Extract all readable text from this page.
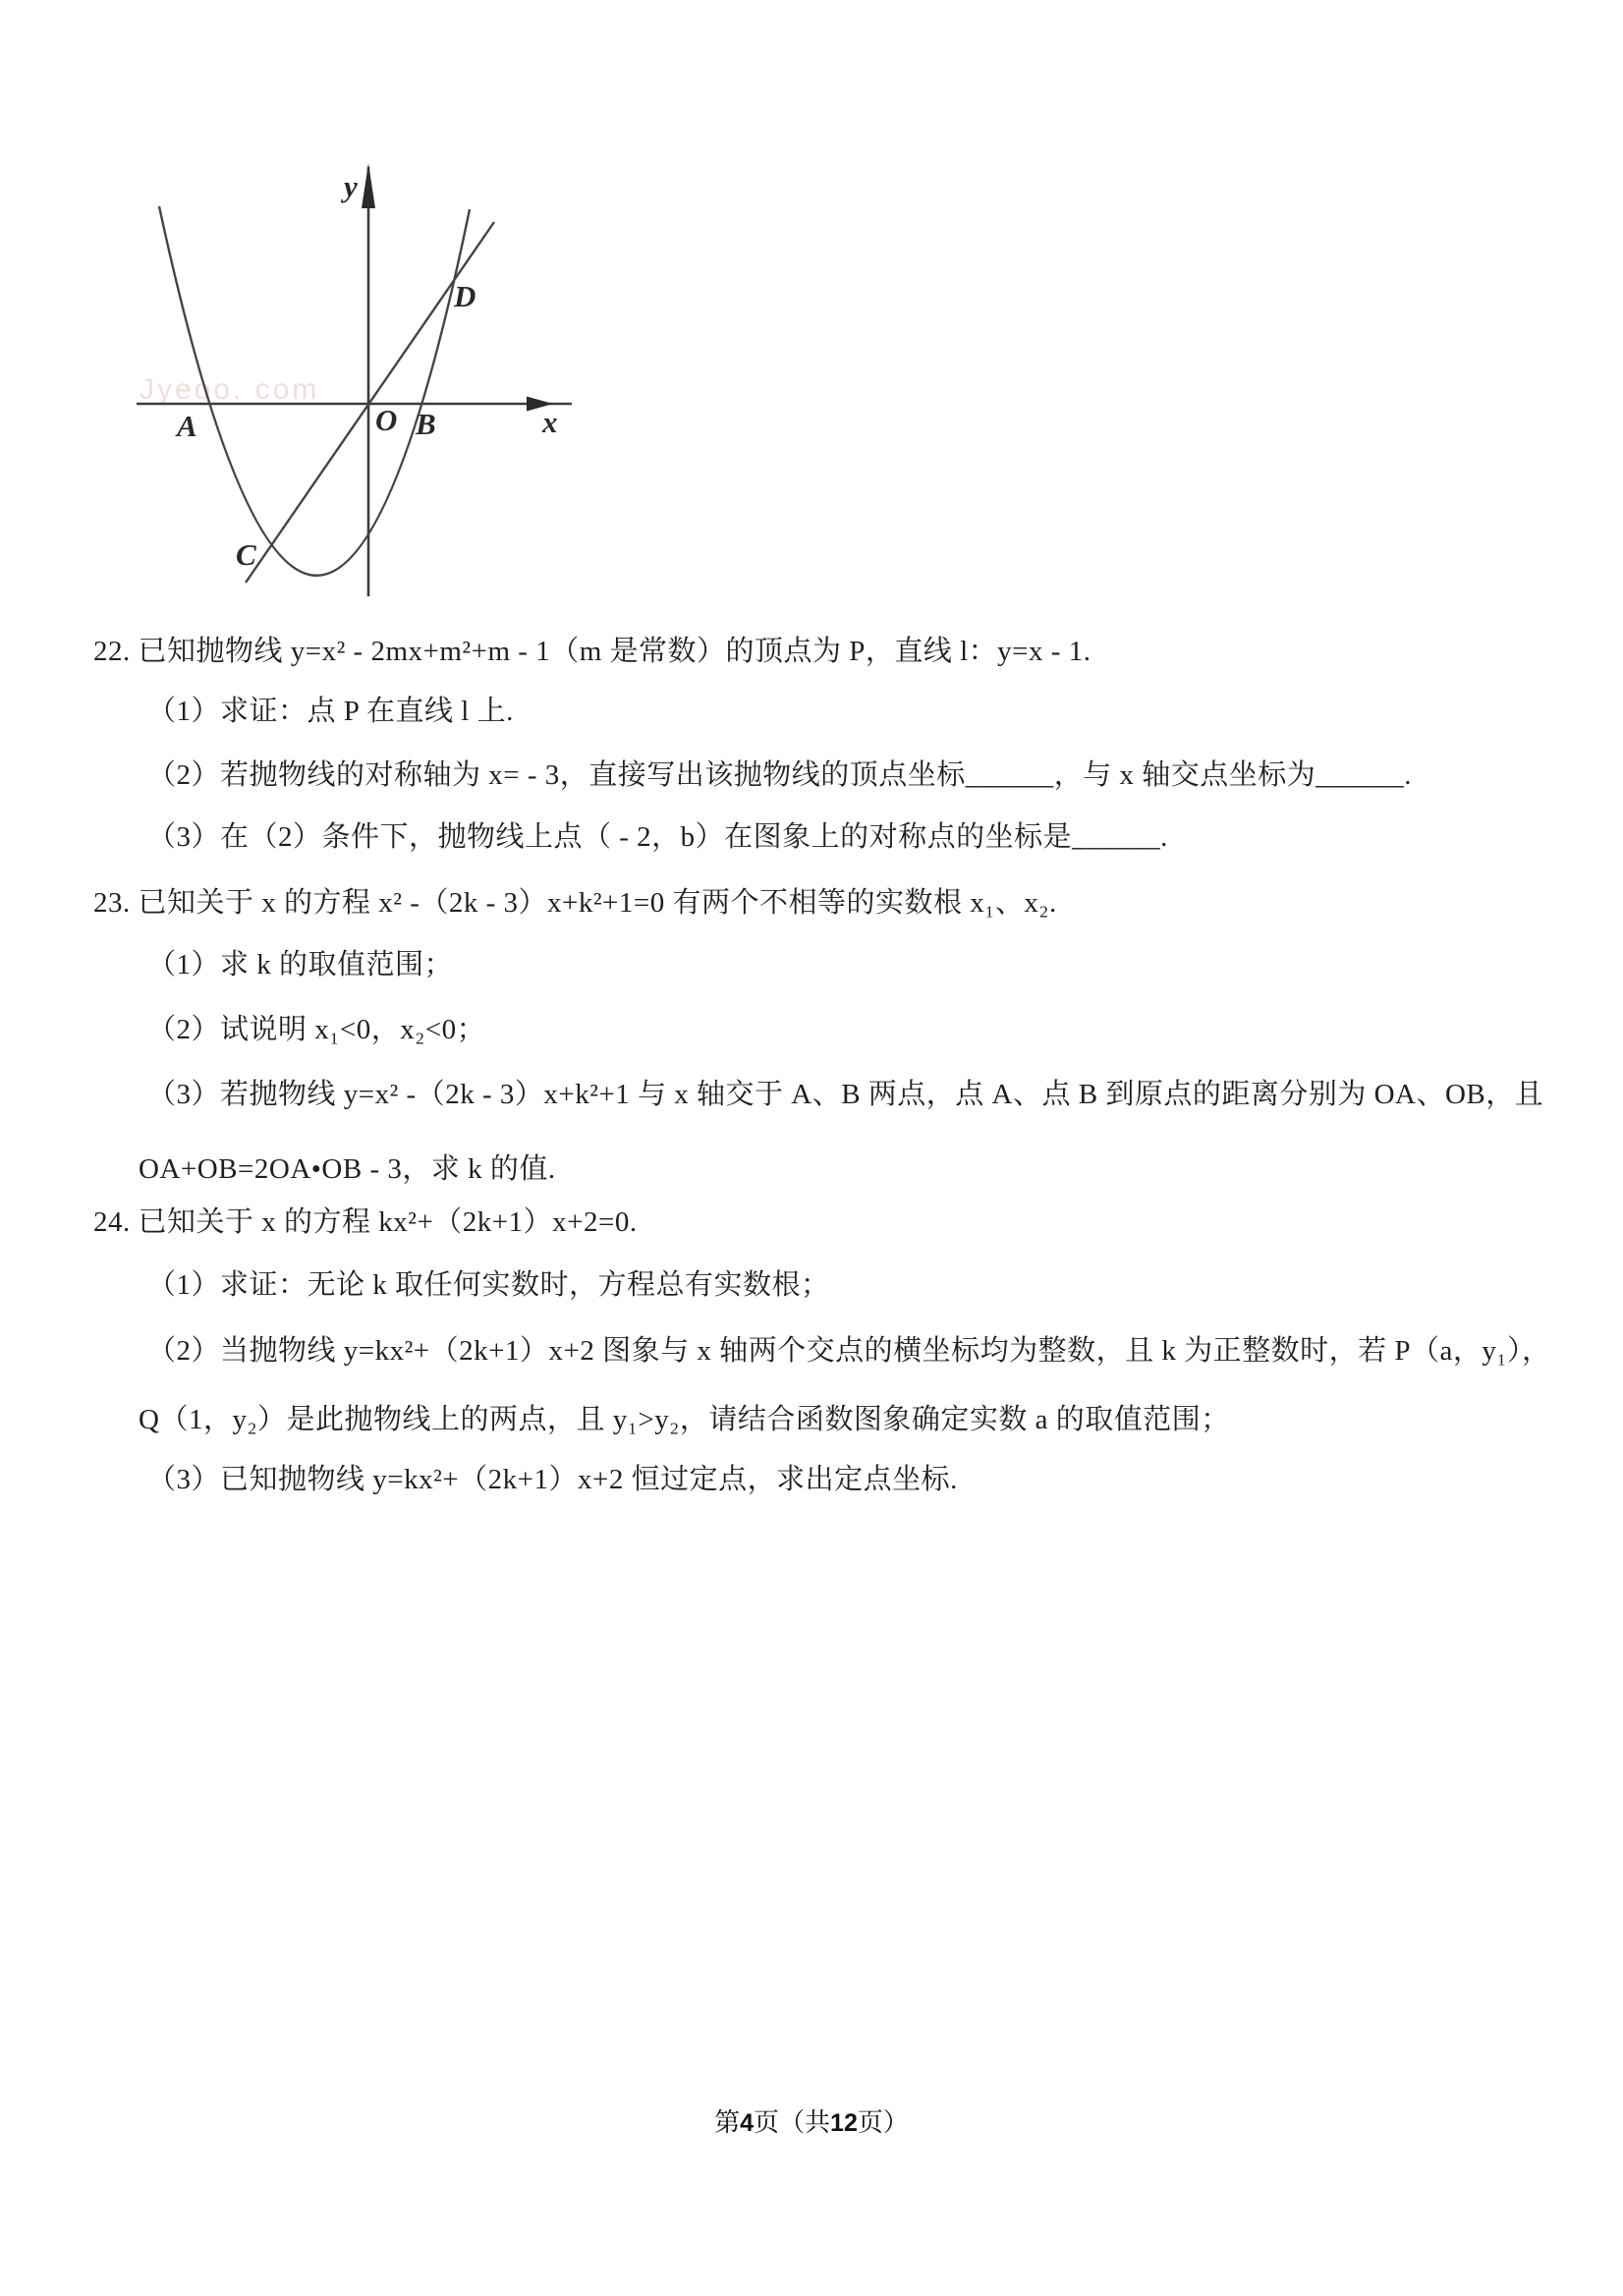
Jyeoo. com
y
x
A	O B
C
D
22. 已知抛物线 y=x² - 2mx+m²+m - 1（m 是常数）的顶点为 P，直线 l：y=x - 1.
（1）求证：点 P 在直线 l 上.
（2）若抛物线的对称轴为 x= - 3，直接写出该抛物线的顶点坐标______，与 x 轴交点坐标为______.
（3）在（2）条件下，抛物线上点（ - 2，b）在图象上的对称点的坐标是______.
23. 已知关于 x 的方程 x² -（2k - 3）x+k²+1=0 有两个不相等的实数根 x₁、x₂.
（1）求 k 的取值范围；
（2）试说明 x₁<0，x₂<0；
（3）若抛物线 y=x² -（2k - 3）x+k²+1 与 x 轴交于 A、B 两点，点 A、点 B 到原点的距离分别为 OA、OB，且
OA+OB=2OA•OB - 3，求 k 的值.
24. 已知关于 x 的方程 kx²+（2k+1）x+2=0.
（1）求证：无论 k 取任何实数时，方程总有实数根；
（2）当抛物线 y=kx²+（2k+1）x+2 图象与 x 轴两个交点的横坐标均为整数，且 k 为正整数时，若 P（a，y₁），
Q（1，y₂）是此抛物线上的两点，且 y₁>y₂，请结合函数图象确定实数 a 的取值范围；
（3）已知抛物线 y=kx²+（2k+1）x+2 恒过定点，求出定点坐标.
第4页（共12页）
